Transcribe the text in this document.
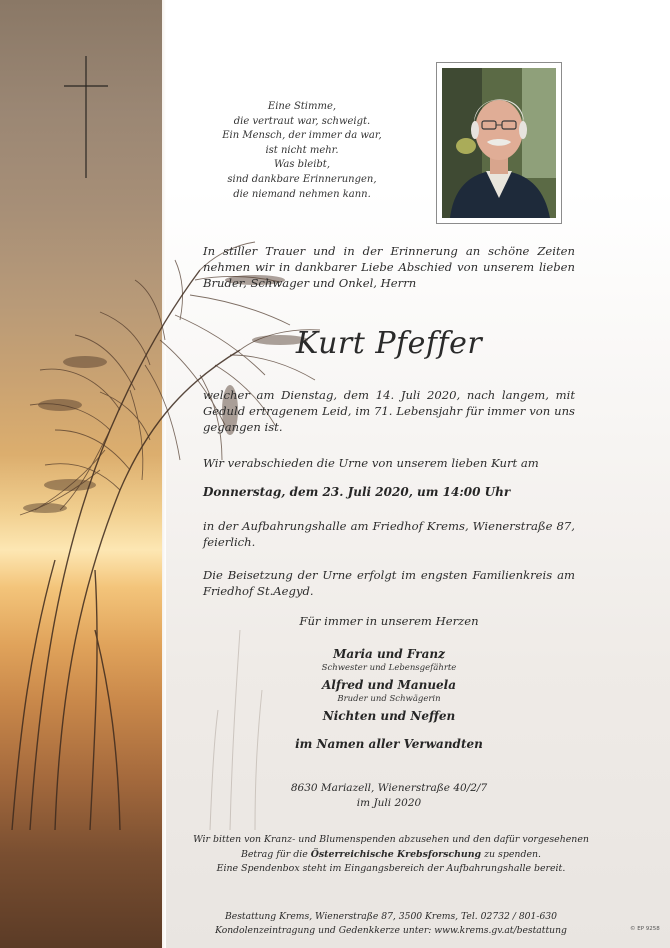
Eine Stimme,
die vertraut war, schweigt.
Ein Mensch, der immer da war,
ist nicht mehr.
Was bleibt,
sind dankbare Erinnerungen,
die niemand nehmen kann.
In stiller Trauer und in der Erinnerung an schöne Zeiten nehmen wir in dankbarer Liebe Abschied von unserem lieben Bruder, Schwager und Onkel, Herrn
Kurt Pfeffer
welcher am Dienstag, dem 14. Juli 2020, nach langem, mit Geduld ertragenem Leid, im 71. Lebensjahr für immer von uns gegangen ist.
Wir verabschieden die Urne von unserem lieben Kurt am
Donnerstag, dem 23. Juli 2020, um 14:00 Uhr
in der Aufbahrungshalle am Friedhof Krems, Wienerstraße 87, feierlich.
Die Beisetzung der Urne erfolgt im engsten Familienkreis am Friedhof St.Aegyd.
Für immer in unserem Herzen
Maria und Franz
Schwester und Lebensgefährte
Alfred und Manuela
Bruder und Schwägerin
Nichten und Neffen
im Namen aller Verwandten
8630 Mariazell, Wienerstraße 40/2/7
im Juli 2020
Wir bitten von Kranz- und Blumenspenden abzusehen und den dafür vorgesehenen
Betrag für die Österreichische Krebsforschung zu spenden.
Eine Spendenbox steht im Eingangsbereich der Aufbahrungshalle bereit.
Bestattung Krems, Wienerstraße 87, 3500 Krems, Tel. 02732 / 801-630
Kondolenzeintragung und Gedenkkerze unter: www.krems.gv.at/bestattung	© EP 9258
